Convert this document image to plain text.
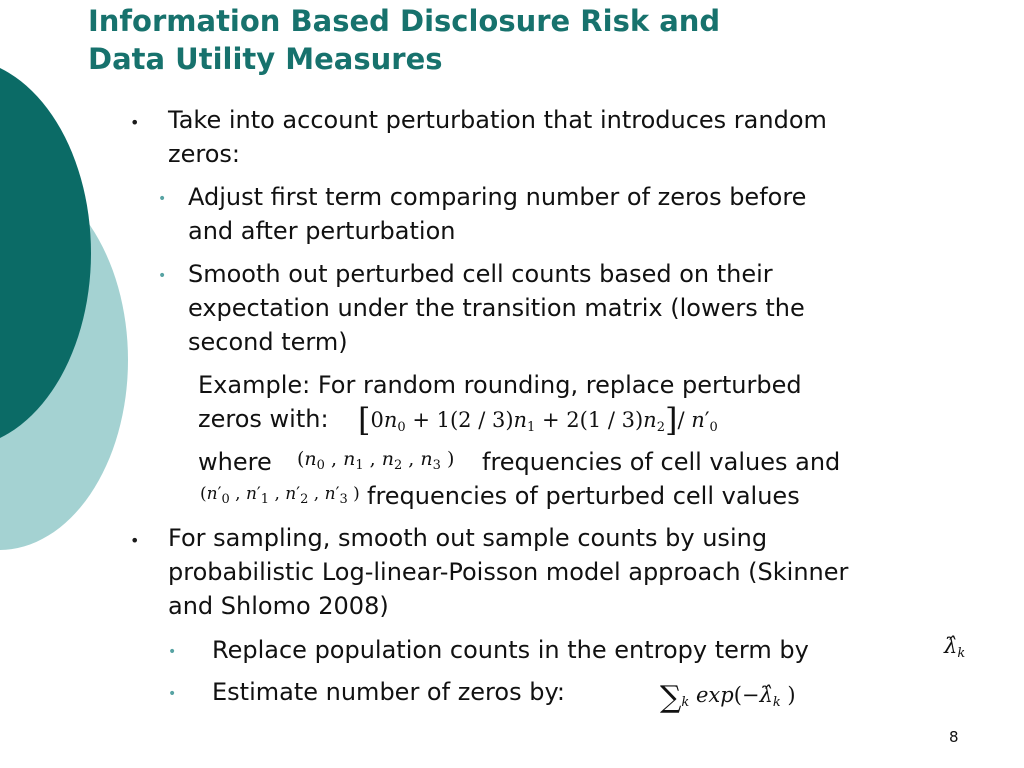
Information Based Disclosure Risk and
Data Utility Measures
• Take into account perturbation that introduces random
zeros:
• Adjust first term comparing number of zeros before
and after perturbation
• Smooth out perturbed cell counts based on their
expectation under the transition matrix (lowers the
second term)
Example: For random rounding, replace perturbed
zeros with: $[0n_0 + 1(2 / 3)n_1 + 2(1 / 3)n_2]/$ $n'_0$
where ($n_0$ , $n_1$ , $n_2$ , $n_3$ ) frequencies of cell values and
($n'_0$ , $n'_1$ , $n'_2$ , $n'_3$ ) frequencies of perturbed cell values
• For sampling, smooth out sample counts by using
probabilistic Log-linear-Poisson model approach (Skinner
and Shlomo 2008)
• Replace population counts in the entropy term by	$\lambdâ_k$
• Estimate number of zeros by:	$\sum_k$ $\exp(-\lambdâ_k$ )
8
